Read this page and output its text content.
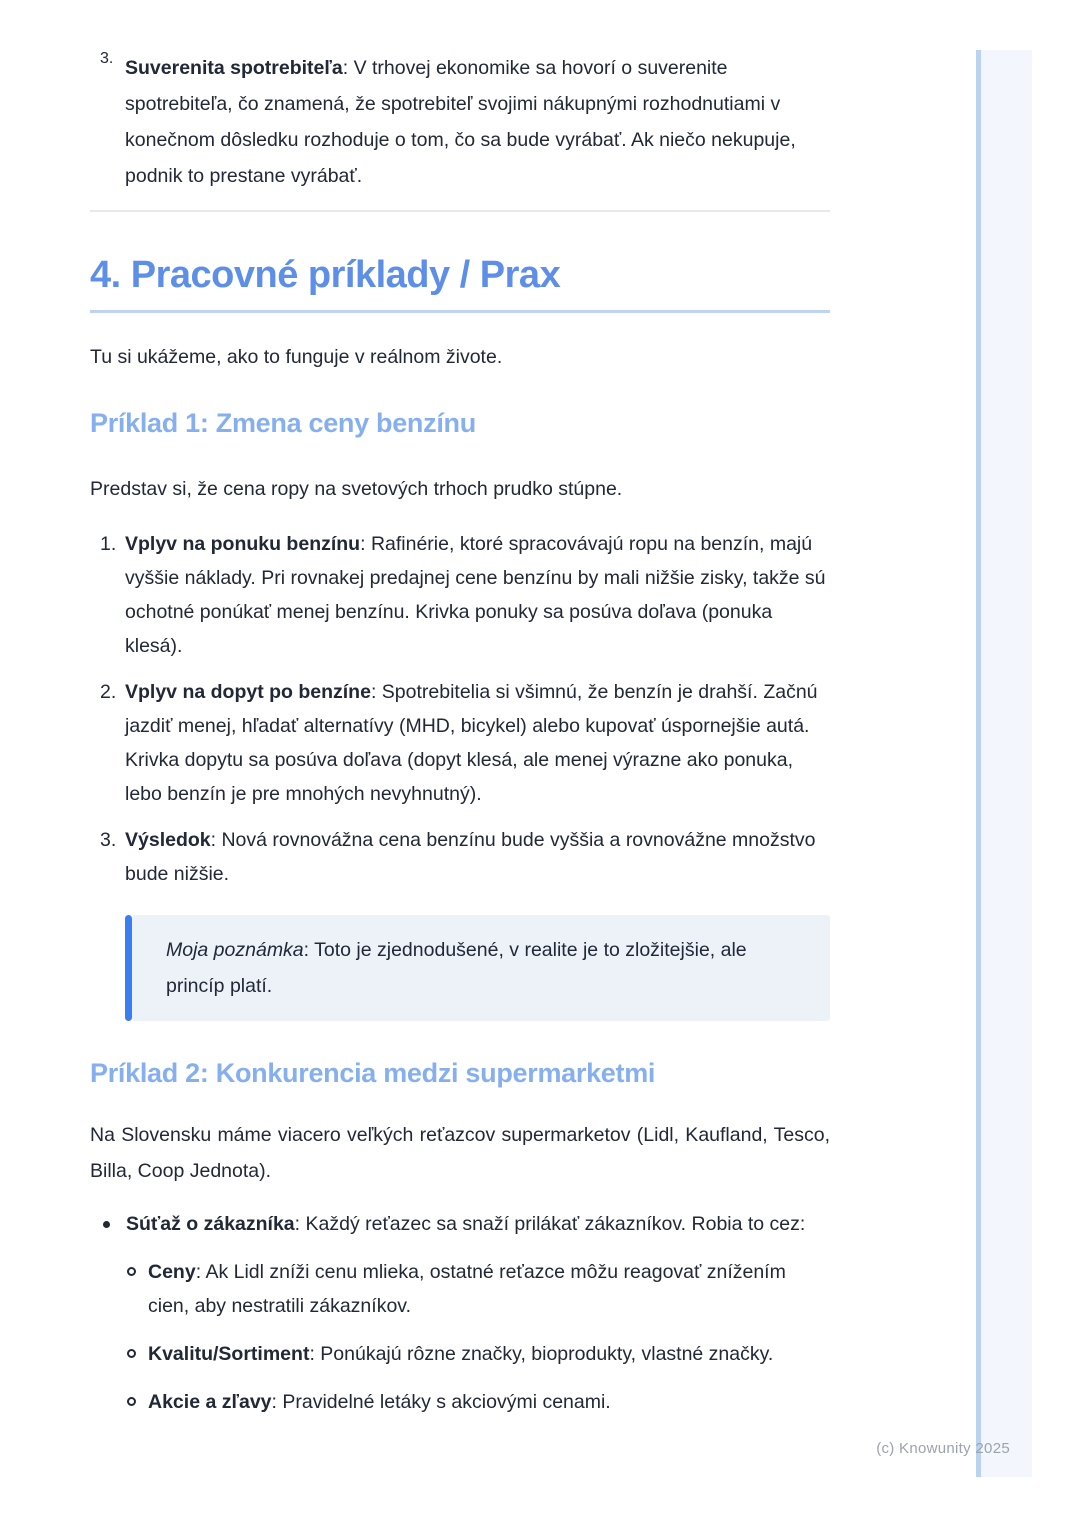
(c) Knowunity 2025
3. Suverenita spotrebiteľa: V trhovej ekonomike sa hovorí o suverenite spotrebiteľa, čo znamená, že spotrebiteľ svojimi nákupnými rozhodnutiami v konečnom dôsledku rozhoduje o tom, čo sa bude vyrábať. Ak niečo nekupuje, podnik to prestane vyrábať.
4. Pracovné príklady / Prax

Tu si ukážeme, ako to funguje v reálnom živote.

Príklad 1: Zmena ceny benzínu

Predstav si, že cena ropy na svetových trhoch prudko stúpne.

1. Vplyv na ponuku benzínu: Rafinérie, ktoré spracovávajú ropu na benzín, majú vyššie náklady. Pri rovnakej predajnej cene benzínu by mali nižšie zisky, takže sú ochotné ponúkať menej benzínu. Krivka ponuky sa posúva doľava (ponuka klesá).
2. Vplyv na dopyt po benzíne: Spotrebitelia si všimnú, že benzín je drahší. Začnú jazdiť menej, hľadať alternatívy (MHD, bicykel) alebo kupovať úspornejšie autá. Krivka dopytu sa posúva doľava (dopyt klesá, ale menej výrazne ako ponuka, lebo benzín je pre mnohých nevyhnutný).
3. Výsledok: Nová rovnovážna cena benzínu bude vyššia a rovnovážne množstvo bude nižšie.
Moja poznámka: Toto je zjednodušené, v realite je to zložitejšie, ale princíp platí.
Príklad 2: Konkurencia medzi supermarketmi

Na Slovensku máme viacero veľkých reťazcov supermarketov (Lidl, Kaufland, Tesco, Billa, Coop Jednota).

Súťaž o zákazníka: Každý reťazec sa snaží prilákať zákazníkov. Robia to cez:
Ceny: Ak Lidl zníži cenu mlieka, ostatné reťazce môžu reagovať znížením cien, aby nestratili zákazníkov.
Kvalitu/Sortiment: Ponúkajú rôzne značky, bioprodukty, vlastné značky.
Akcie a zľavy: Pravidelné letáky s akciovými cenami.
